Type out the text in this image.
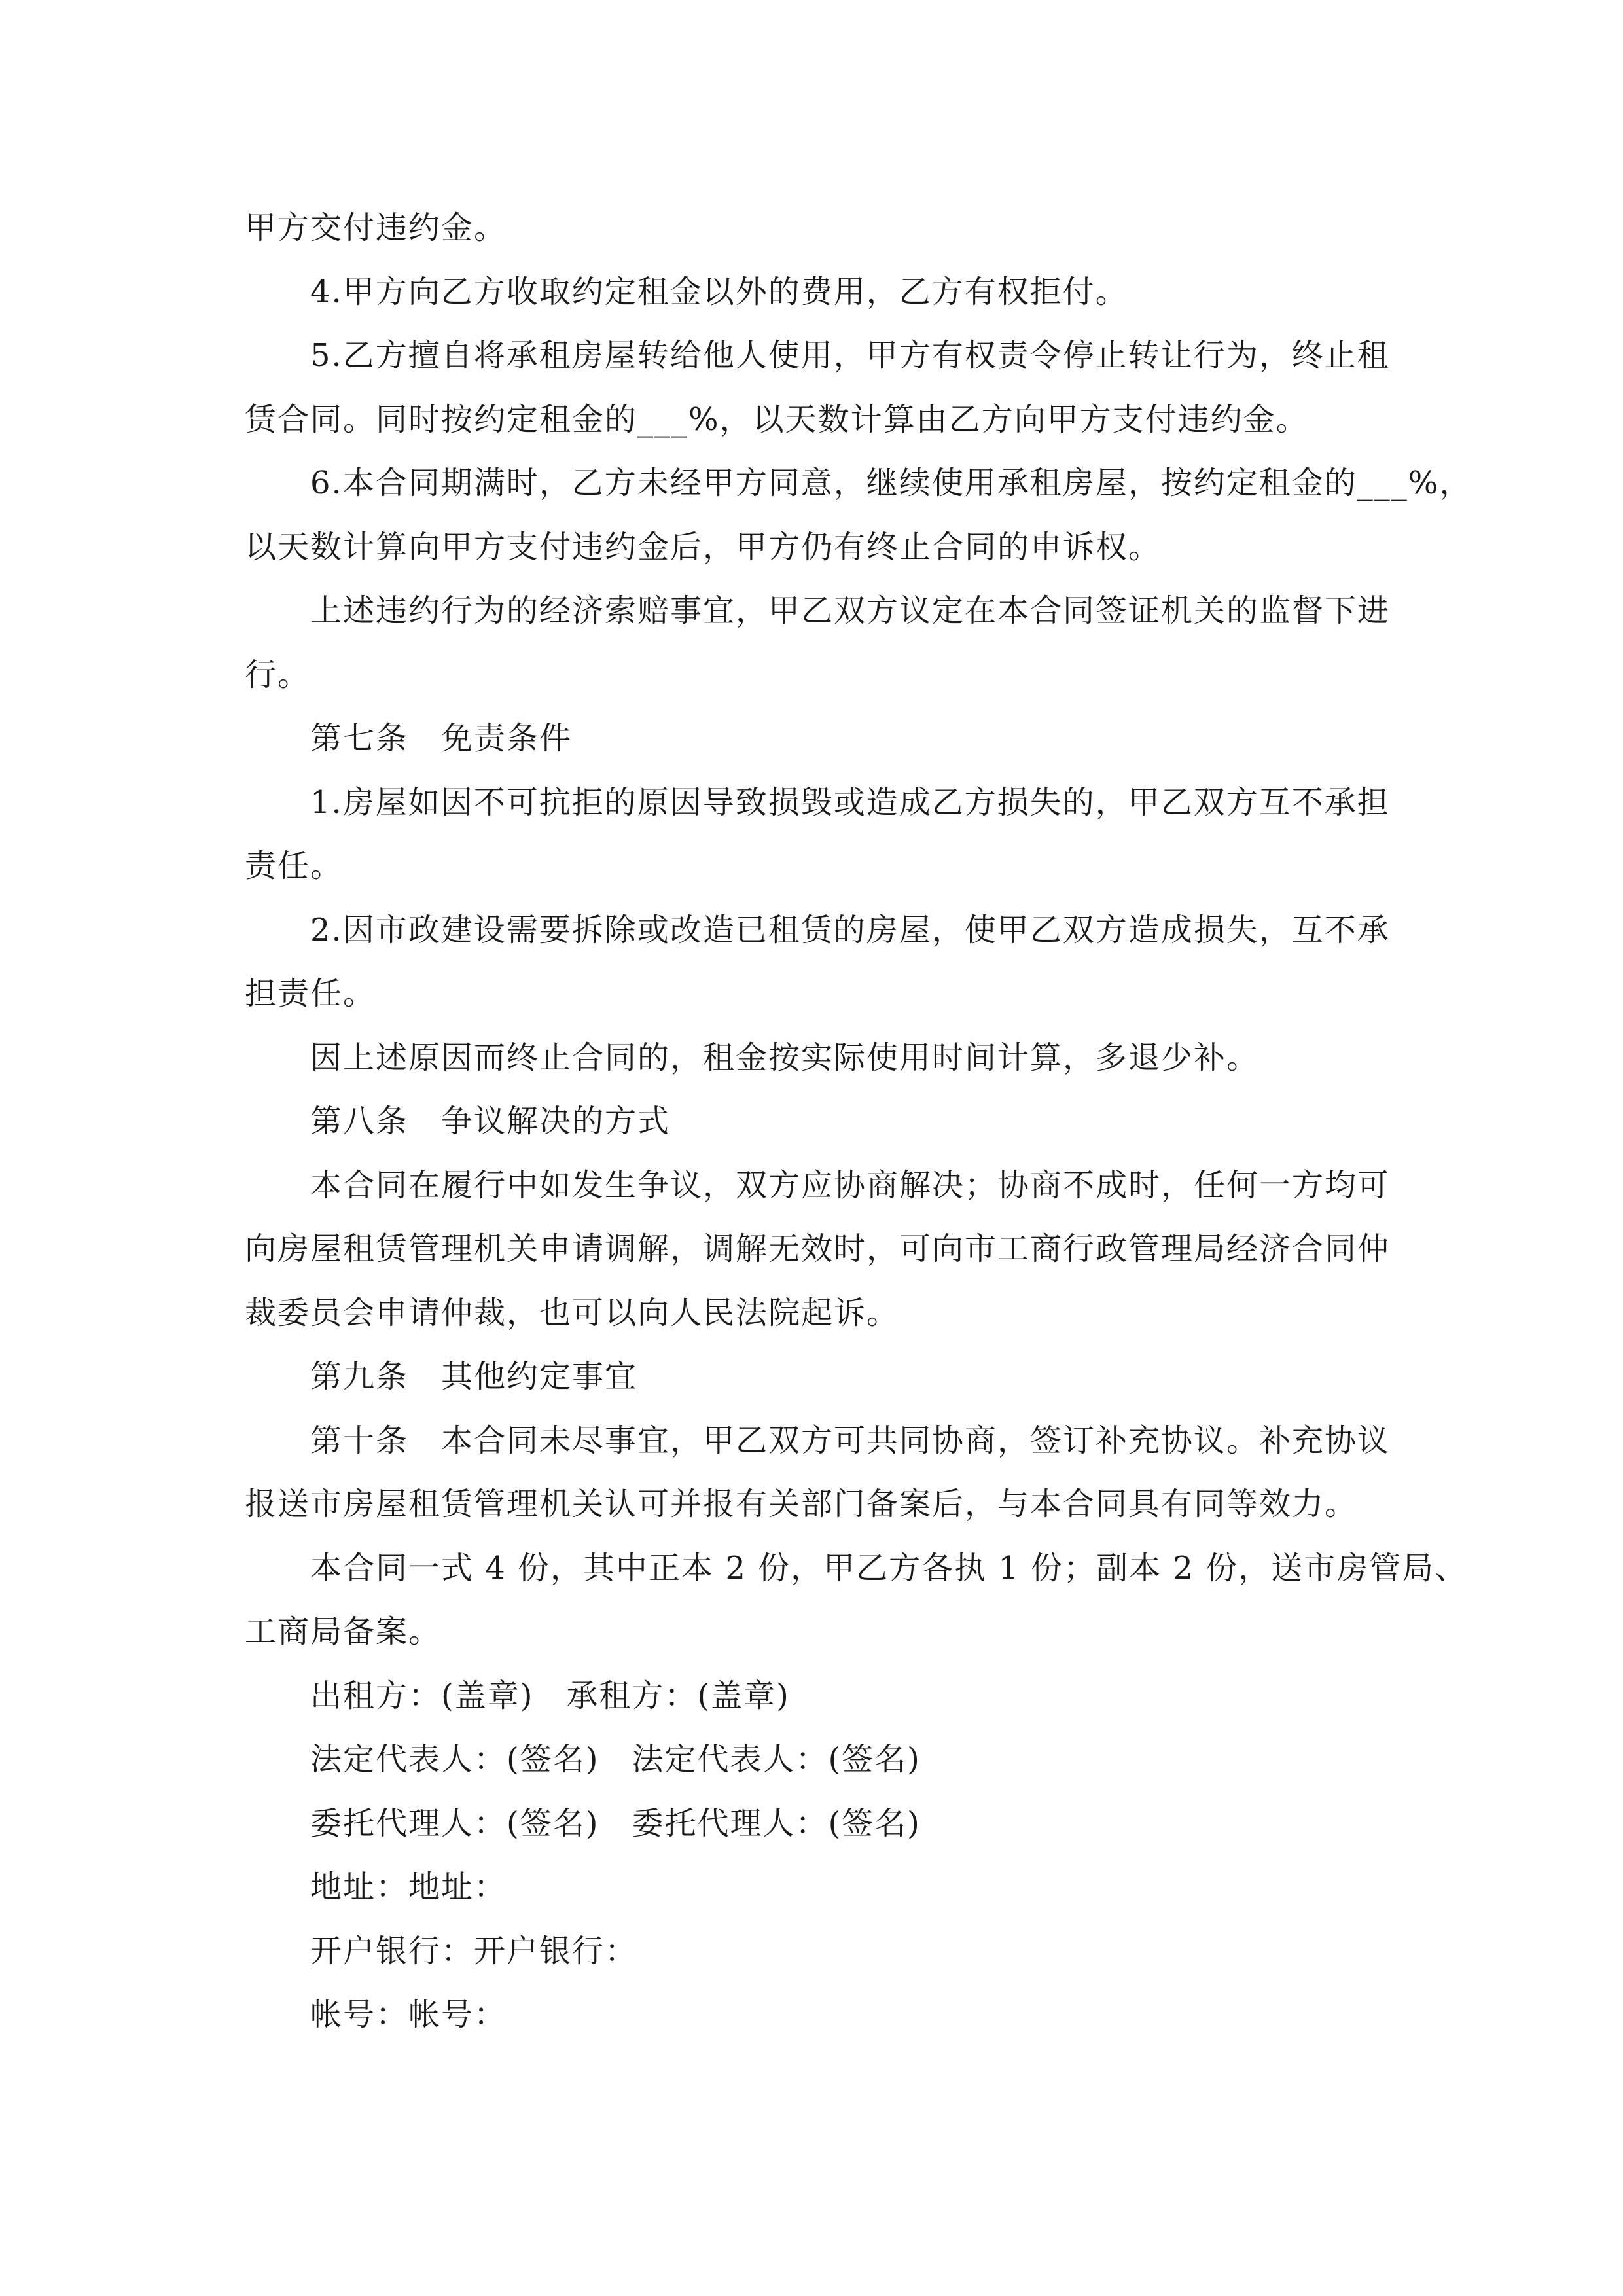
甲方交付违约金。
4.甲方向乙方收取约定租金以外的费用，乙方有权拒付。
5.乙方擅自将承租房屋转给他人使用，甲方有权责令停止转让行为，终止租
赁合同。同时按约定租金的___%，以天数计算由乙方向甲方支付违约金。
6.本合同期满时，乙方未经甲方同意，继续使用承租房屋，按约定租金的___%，
以天数计算向甲方支付违约金后，甲方仍有终止合同的申诉权。
上述违约行为的经济索赔事宜，甲乙双方议定在本合同签证机关的监督下进
行。
第七条　免责条件
1.房屋如因不可抗拒的原因导致损毁或造成乙方损失的，甲乙双方互不承担
责任。
2.因市政建设需要拆除或改造已租赁的房屋，使甲乙双方造成损失，互不承
担责任。
因上述原因而终止合同的，租金按实际使用时间计算，多退少补。
第八条　争议解决的方式
本合同在履行中如发生争议，双方应协商解决；协商不成时，任何一方均可
向房屋租赁管理机关申请调解，调解无效时，可向市工商行政管理局经济合同仲
裁委员会申请仲裁，也可以向人民法院起诉。
第九条　其他约定事宜
第十条　本合同未尽事宜，甲乙双方可共同协商，签订补充协议。补充协议
报送市房屋租赁管理机关认可并报有关部门备案后，与本合同具有同等效力。
本合同一式 4 份，其中正本 2 份，甲乙方各执 1 份；副本 2 份，送市房管局、
工商局备案。
出租方：(盖章)　承租方：(盖章)
法定代表人：(签名)　法定代表人：(签名)
委托代理人：(签名)　委托代理人：(签名)
地址：地址：
开户银行：开户银行：
帐号：帐号：
